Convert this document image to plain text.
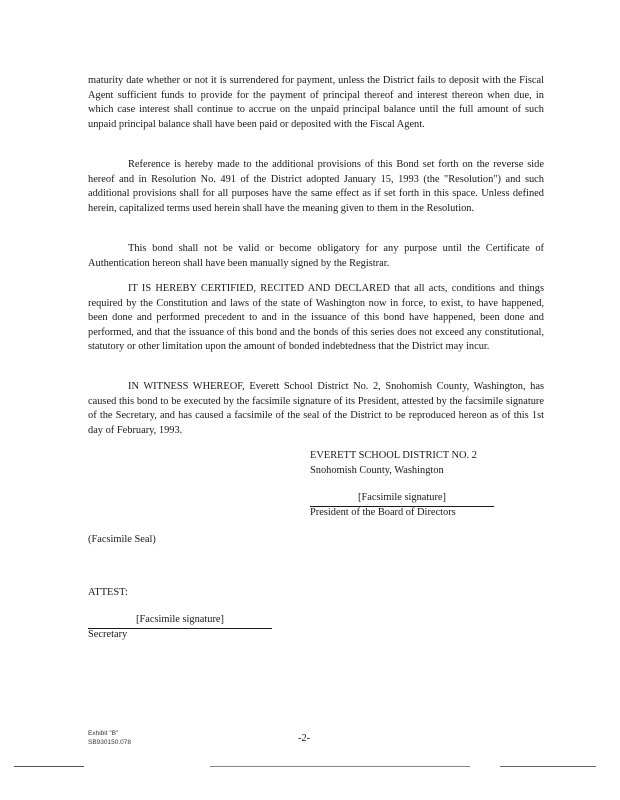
maturity date whether or not it is surrendered for payment, unless the District fails to deposit with the Fiscal Agent sufficient funds to provide for the payment of principal thereof and interest thereon when due, in which case interest shall continue to accrue on the unpaid principal balance until the full amount of such unpaid principal balance shall have been paid or deposited with the Fiscal Agent.

Reference is hereby made to the additional provisions of this Bond set forth on the reverse side hereof and in Resolution No. 491 of the District adopted January 15, 1993 (the "Resolution") and such additional provisions shall for all purposes have the same effect as if set forth in this space. Unless defined herein, capitalized terms used herein shall have the meaning given to them in the Resolution.

This bond shall not be valid or become obligatory for any purpose until the Certificate of Authentication hereon shall have been manually signed by the Registrar.

IT IS HEREBY CERTIFIED, RECITED AND DECLARED that all acts, conditions and things required by the Constitution and laws of the state of Washington now in force, to exist, to have happened, been done and performed precedent to and in the issuance of this bond have happened, been done and performed, and that the issuance of this bond and the bonds of this series does not exceed any constitutional, statutory or other limitation upon the amount of bonded indebtedness that the District may incur.

IN WITNESS WHEREOF, Everett School District No. 2, Snohomish County, Washington, has caused this bond to be executed by the facsimile signature of its President, attested by the facsimile signature of the Secretary, and has caused a facsimile of the seal of the District to be reproduced hereon as of this 1st day of February, 1993.

EVERETT SCHOOL DISTRICT NO. 2
Snohomish County, Washington
[Facsimile signature]
President of the Board of Directors
(Facsimile Seal)
ATTEST:
[Facsimile signature]
Secretary
Exhibit "B"
SB930150.078	-2-
